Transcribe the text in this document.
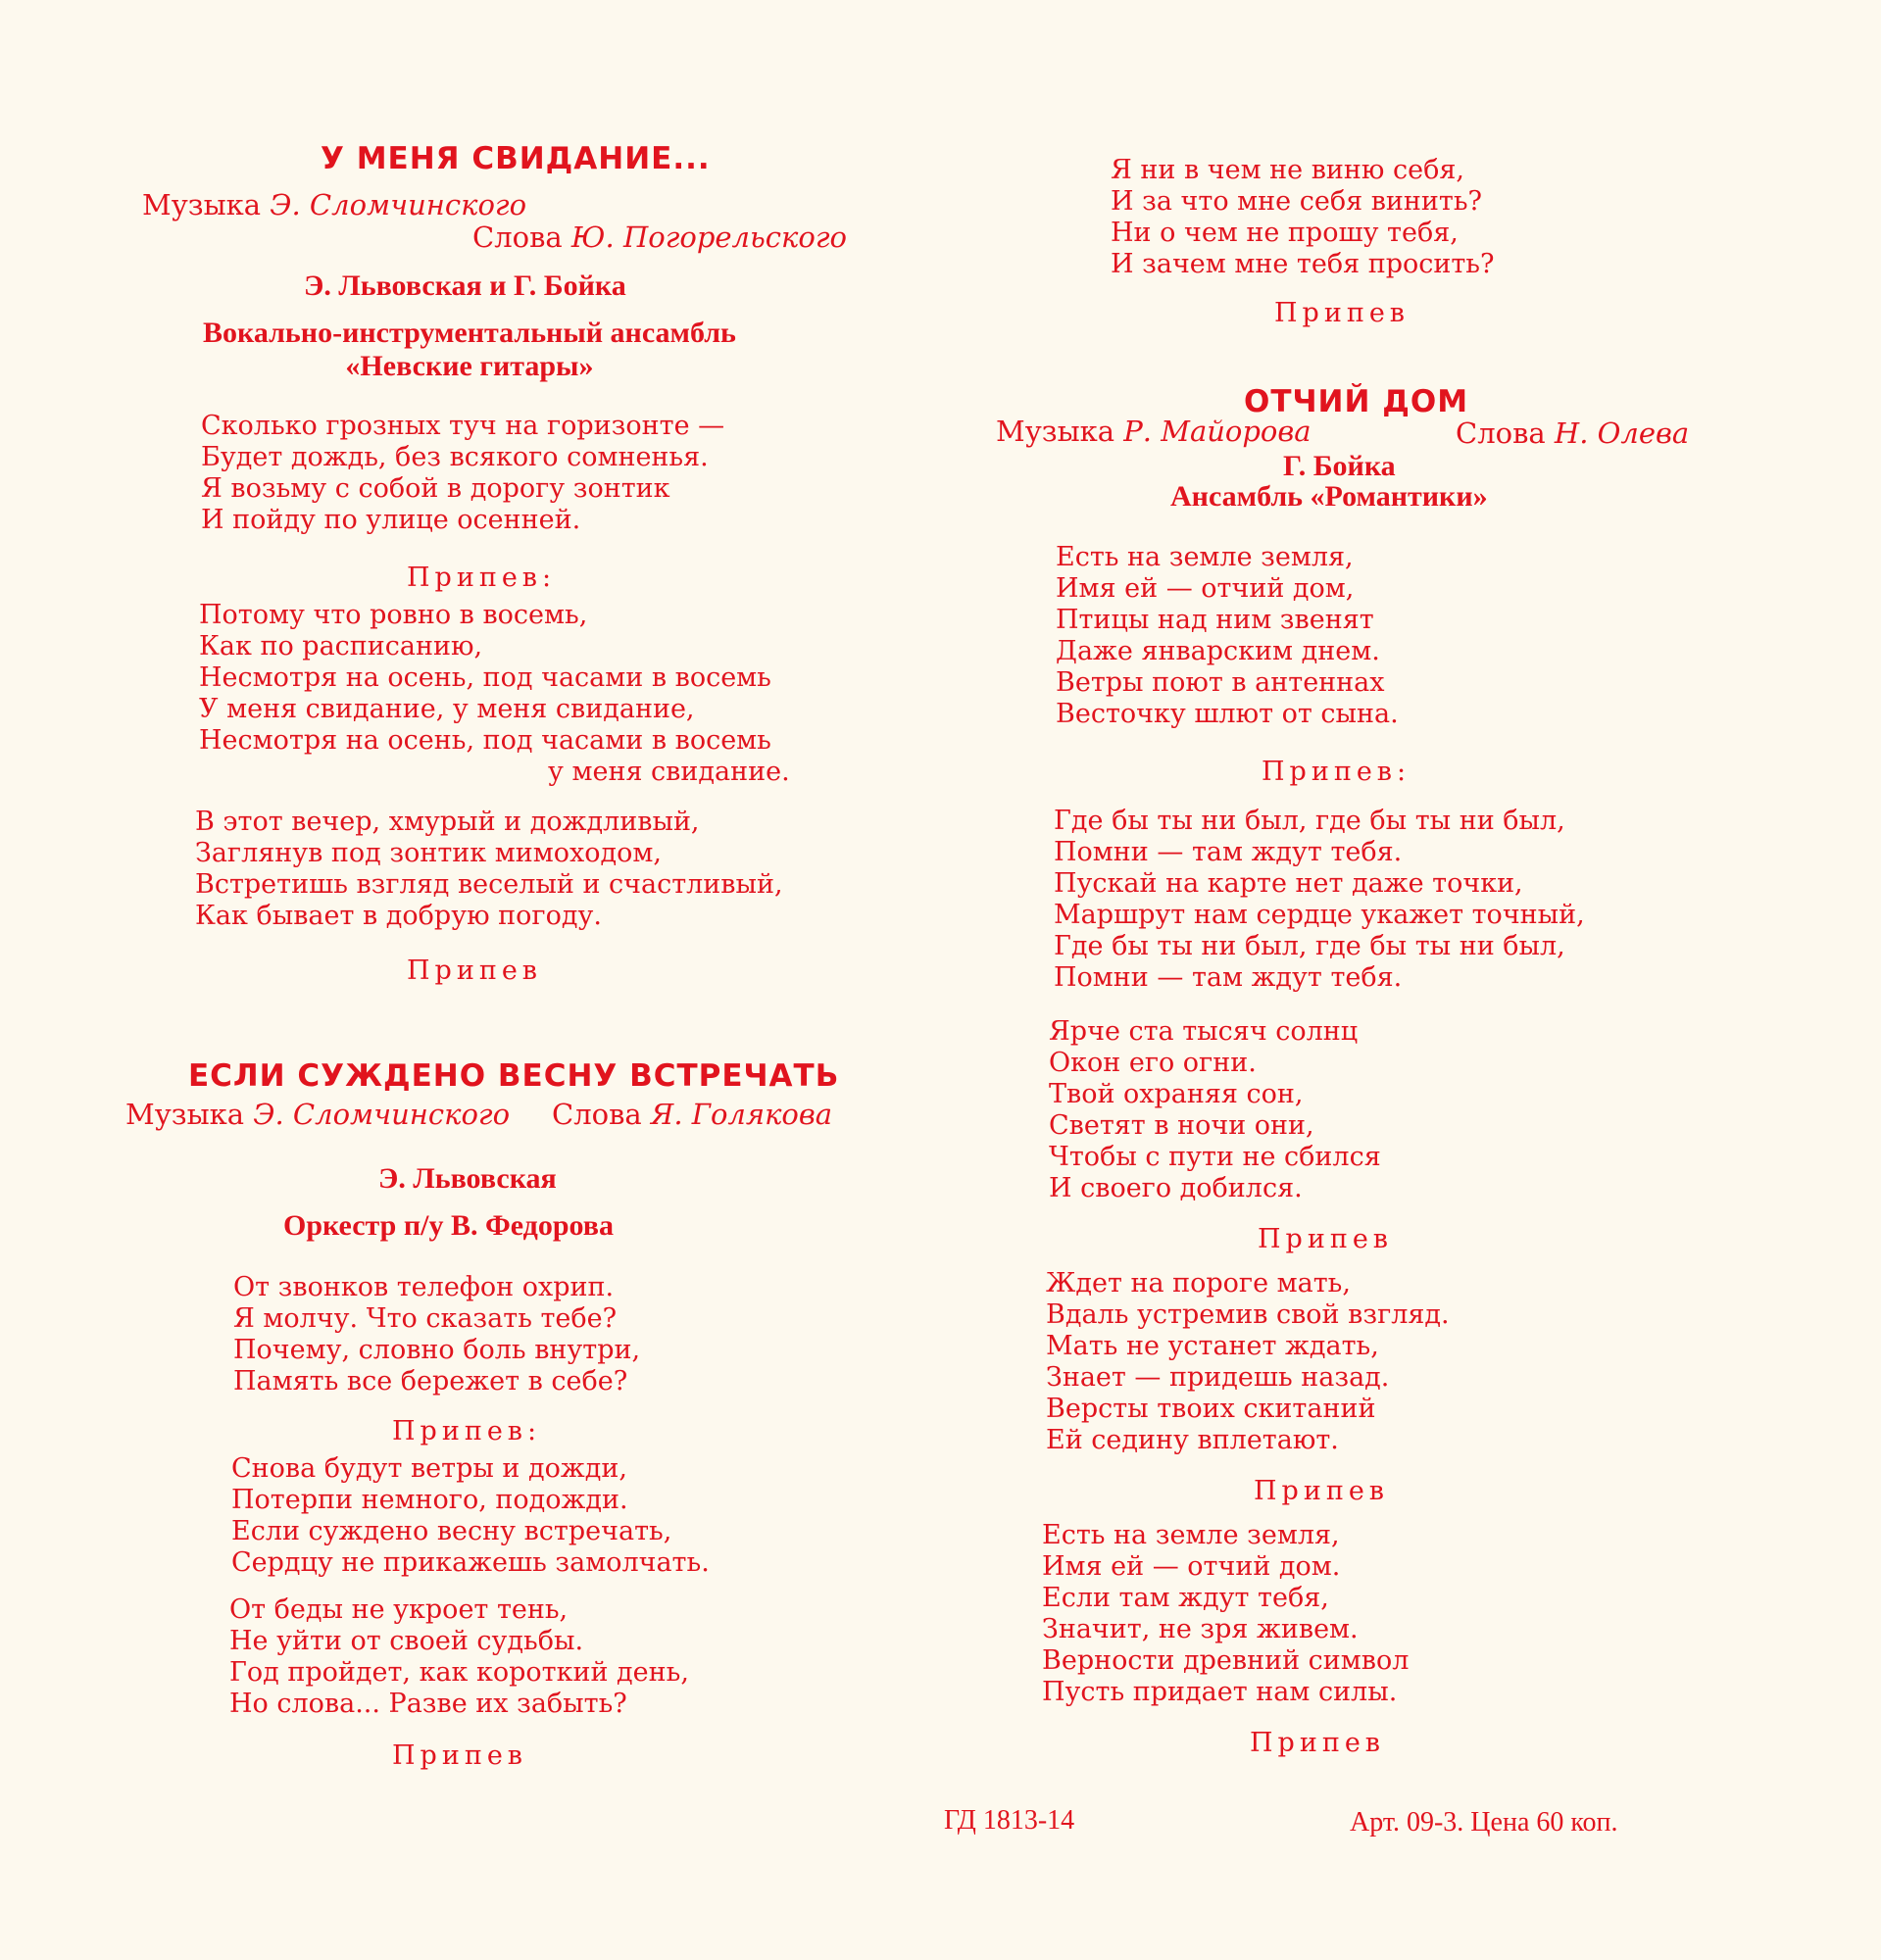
У МЕНЯ СВИДАНИЕ...
Музыка Э. Сломчинского
Слова Ю. Погорельского
Э. Львовская и Г. Бойка
Вокально-инструментальный ансамбль
«Невские гитары»
Сколько грозных туч на горизонте —
Будет дождь, без всякого сомненья.
Я возьму с собой в дорогу зонтик
И пойду по улице осенней.
Припев:
Потому что ровно в восемь,
Как по расписанию,
Несмотря на осень, под часами в восемь
У меня свидание, у меня свидание,
Несмотря на осень, под часами в восемь
у меня свидание.
В этот вечер, хмурый и дождливый,
Заглянув под зонтик мимоходом,
Встретишь взгляд веселый и счастливый,
Как бывает в добрую погоду.
Припев
ЕСЛИ СУЖДЕНО ВЕСНУ ВСТРЕЧАТЬ
Музыка Э. Сломчинского Слова Я. Голякова
Э. Львовская
Оркестр п/у В. Федорова
От звонков телефон охрип.
Я молчу. Что сказать тебе?
Почему, словно боль внутри,
Память все бережет в себе?
Припев:
Снова будут ветры и дожди,
Потерпи немного, подожди.
Если суждено весну встречать,
Сердцу не прикажешь замолчать.
От беды не укроет тень,
Не уйти от своей судьбы.
Год пройдет, как короткий день,
Но слова... Разве их забыть?
Припев
Я ни в чем не виню себя,
И за что мне себя винить?
Ни о чем не прошу тебя,
И зачем мне тебя просить?
Припев
ОТЧИЙ ДОМ
Музыка Р. Майорова	Слова Н. Олева
Г. Бойка
Ансамбль «Романтики»
Есть на земле земля,
Имя ей — отчий дом,
Птицы над ним звенят
Даже январским днем.
Ветры поют в антеннах
Весточку шлют от сына.
Припев:
Где бы ты ни был, где бы ты ни был,
Помни — там ждут тебя.
Пускай на карте нет даже точки,
Маршрут нам сердце укажет точный,
Где бы ты ни был, где бы ты ни был,
Помни — там ждут тебя.
Ярче ста тысяч солнц
Окон его огни.
Твой охраняя сон,
Светят в ночи они,
Чтобы с пути не сбился
И своего добился.
Припев
Ждет на пороге мать,
Вдаль устремив свой взгляд.
Мать не устанет ждать,
Знает — придешь назад.
Версты твоих скитаний
Ей седину вплетают.
Припев
Есть на земле земля,
Имя ей — отчий дом.
Если там ждут тебя,
Значит, не зря живем.
Верности древний символ
Пусть придает нам силы.
Припев
ГД 1813-14	Арт. 09-3. Цена 60 коп.
